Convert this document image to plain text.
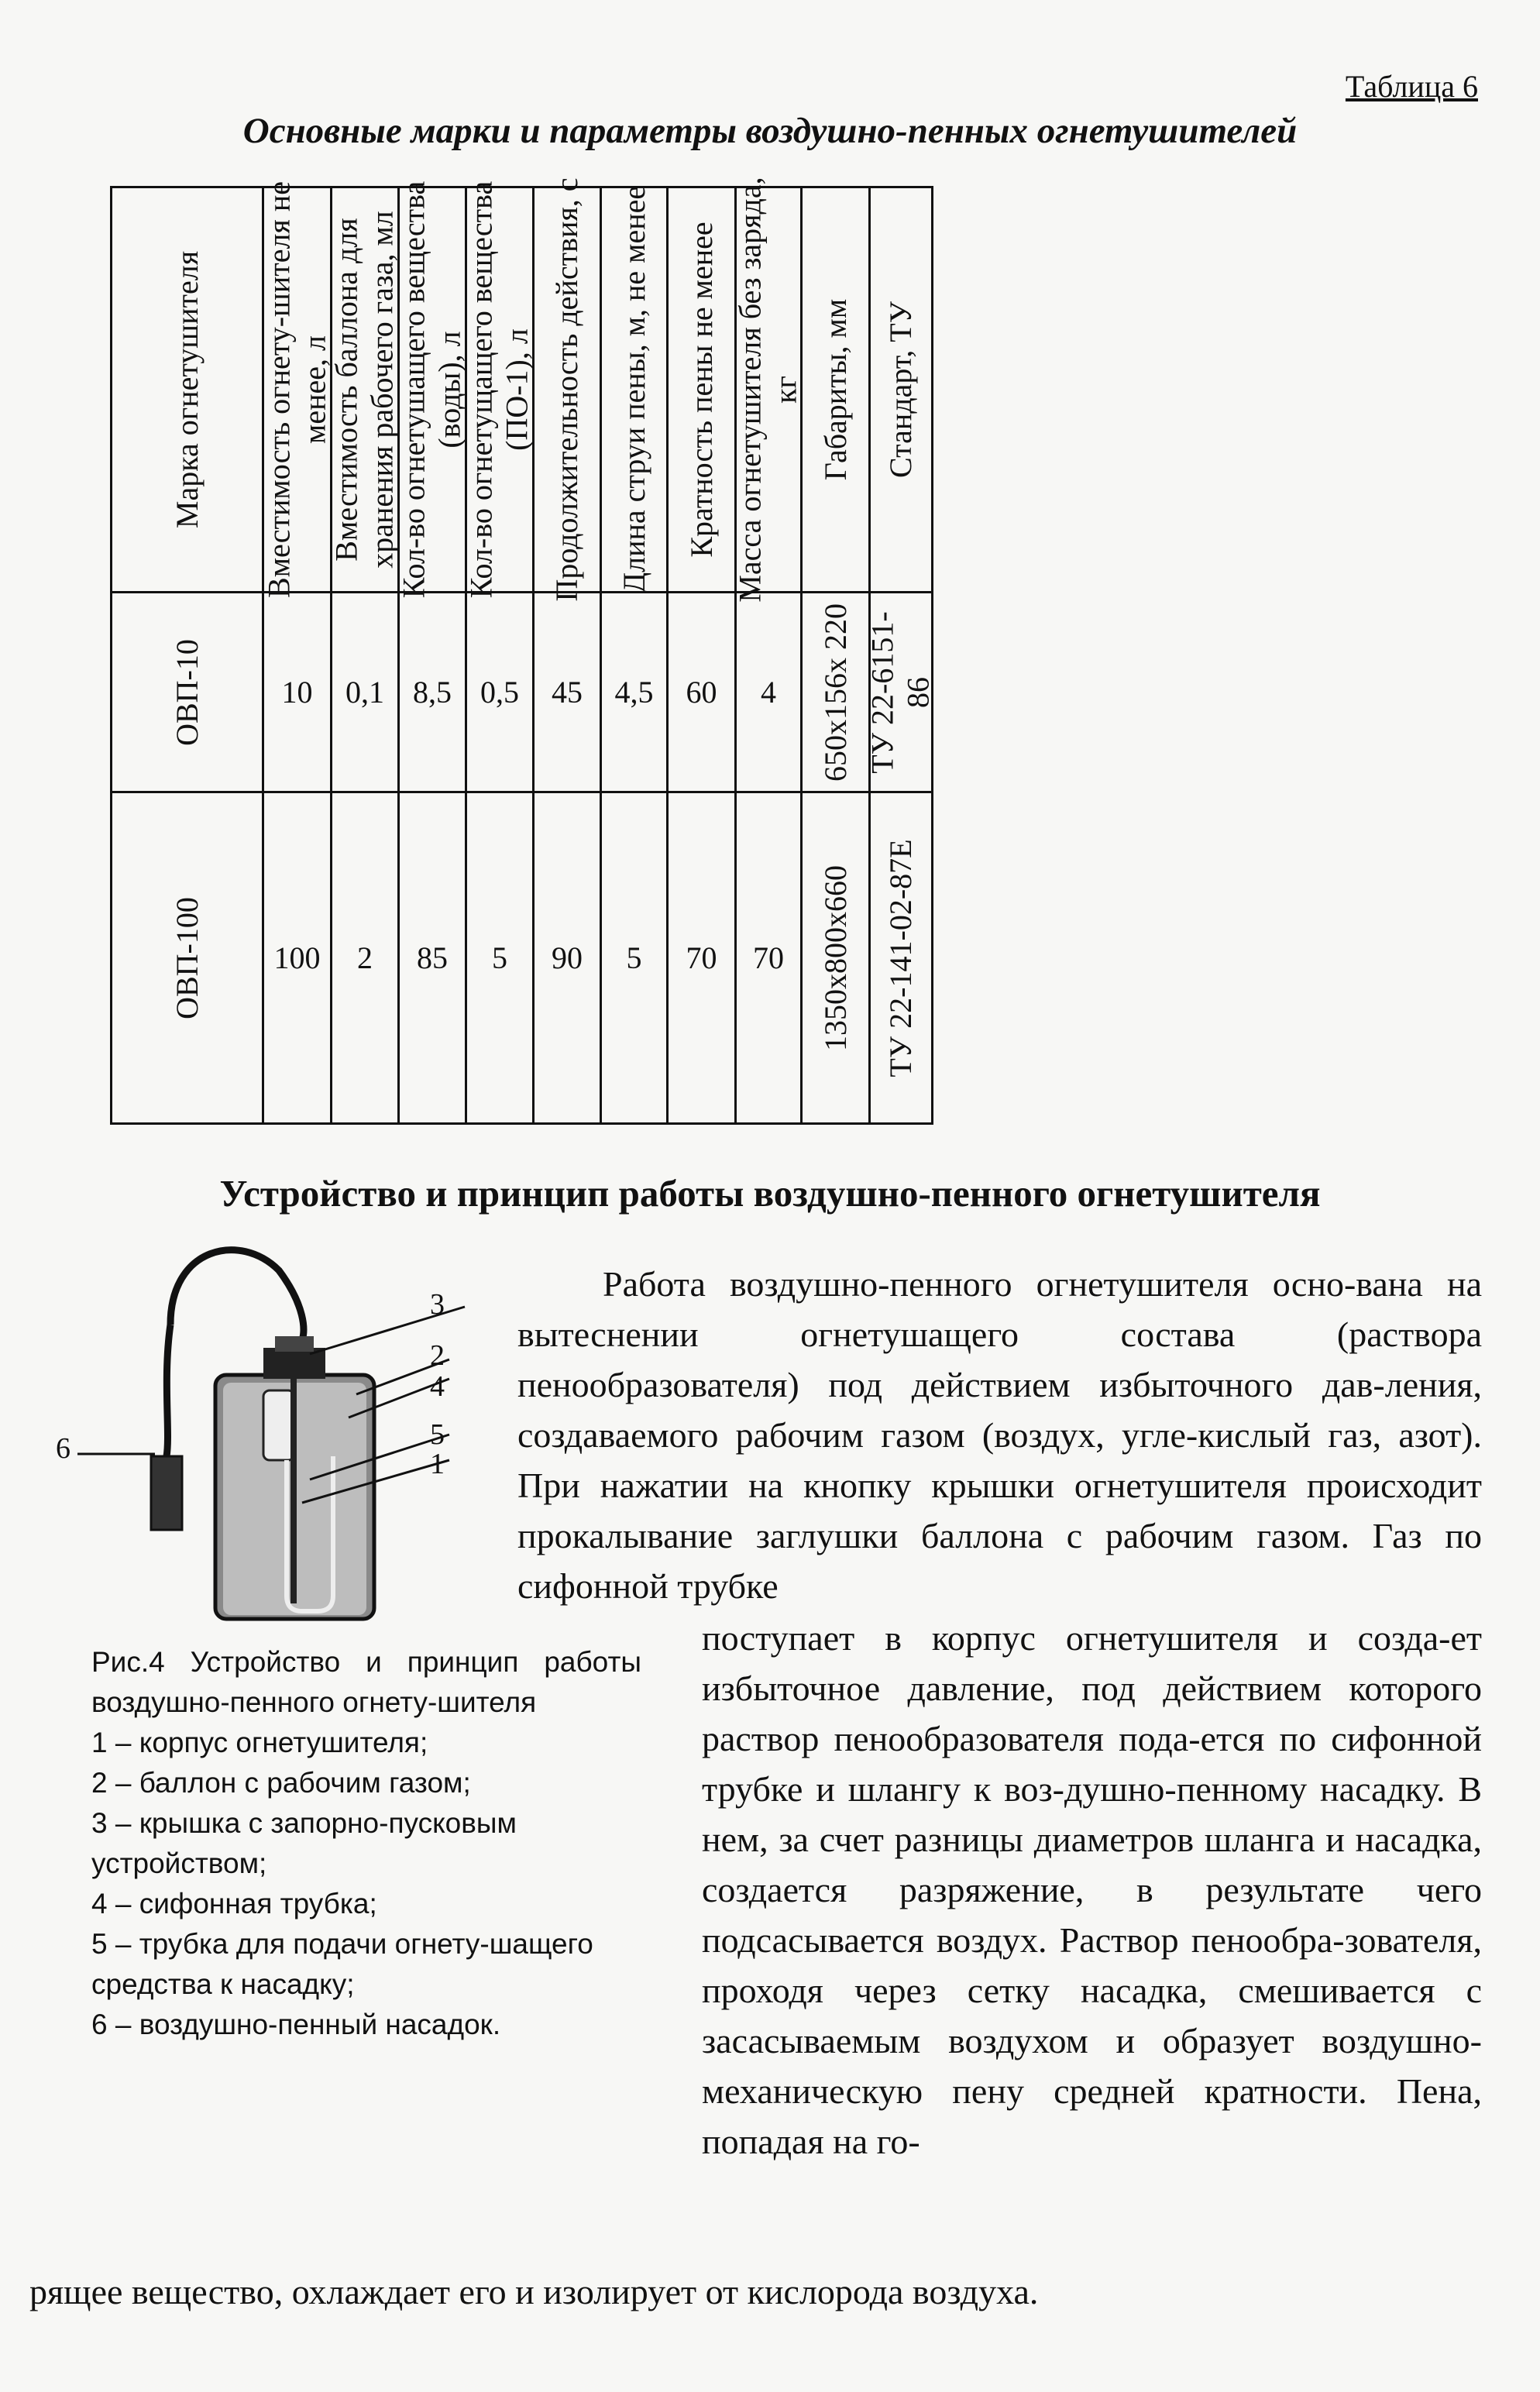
Таблица 6
Основные марки и параметры воздушно-пенных огнетушителей
Марка огнетушителя	Вместимость огнету-шителя не менее, л	Вместимость баллона для хранения рабочего газа, мл	Кол-во огнетушащего вещества (воды), л	Кол-во огнетущащего вещества (ПО-1), л	Продолжительность действия, с	Длина струи пены, м, не менее	Кратность пены не менее	Масса огнетушителя без заряда, кг	Габариты, мм	Стандарт, ТУ

ОВП-10	10	0,1	8,5	0,5	45	4,5	60	4	650х156х 220	ТУ 22-6151-86

ОВП-100	100	2	85	5	90	5	70	70	1350х800х660	ТУ 22-141-02-87Е
Устройство и принцип работы воздушно-пенного огнетушителя
3
2
4
5
1
6
Рис.4 Устройство и принцип работы воздушно-пенного огнету-шителя
1 – корпус огнетушителя;
2 – баллон с рабочим газом;
3 – крышка с запорно-пусковым устройством;
4 – сифонная трубка;
5 – трубка для подачи огнету-шащего средства к насадку;
6 – воздушно-пенный насадок.
Работа воздушно-пенного огнетушителя осно-вана на вытеснении огнетушащего состава (раствора пенообразователя) под действием избыточного дав-ления, создаваемого рабочим газом (воздух, угле-кислый газ, азот). При нажатии на кнопку крышки огнетушителя происходит прокалывание заглушки баллона с рабочим газом. Газ по сифонной трубке
поступает в корпус огнетушителя и созда-ет избыточное давление, под действием которого раствор пенообразователя пода-ется по сифонной трубке и шлангу к воз-душно-пенному насадку. В нем, за счет разницы диаметров шланга и насадка, создается разряжение, в результате чего подсасывается воздух. Раствор пенообра-зователя, проходя через сетку насадка, смешивается с засасываемым воздухом и образует воздушно-механическую пену средней кратности. Пена, попадая на го-
рящее вещество, охлаждает его и изолирует от кислорода воздуха.
